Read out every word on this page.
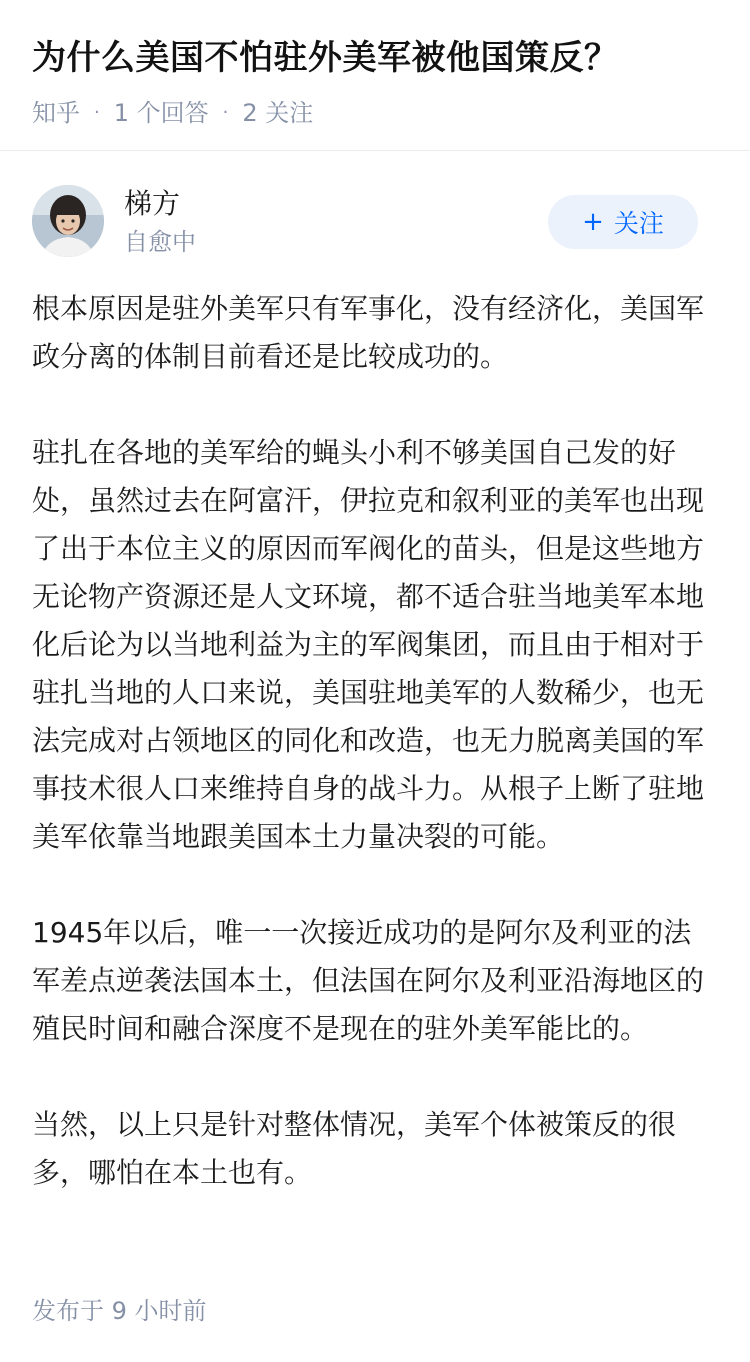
为什么美国不怕驻外美军被他国策反？
知乎 · 1 个回答 · 2 关注
梯方
自愈中
+ 关注

根本原因是驻外美军只有军事化，没有经济化，美国军政分离的体制目前看还是比较成功的。

驻扎在各地的美军给的蝇头小利不够美国自己发的好处，虽然过去在阿富汗，伊拉克和叙利亚的美军也出现了出于本位主义的原因而军阀化的苗头，但是这些地方无论物产资源还是人文环境，都不适合驻当地美军本地化后论为以当地利益为主的军阀集团，而且由于相对于驻扎当地的人口来说，美国驻地美军的人数稀少，也无法完成对占领地区的同化和改造，也无力脱离美国的军事技术很人口来维持自身的战斗力。从根子上断了驻地美军依靠当地跟美国本土力量决裂的可能。

1945年以后，唯一一次接近成功的是阿尔及利亚的法军差点逆袭法国本土，但法国在阿尔及利亚沿海地区的殖民时间和融合深度不是现在的驻外美军能比的。

当然，以上只是针对整体情况，美军个体被策反的很多，哪怕在本土也有。

发布于 9 小时前
